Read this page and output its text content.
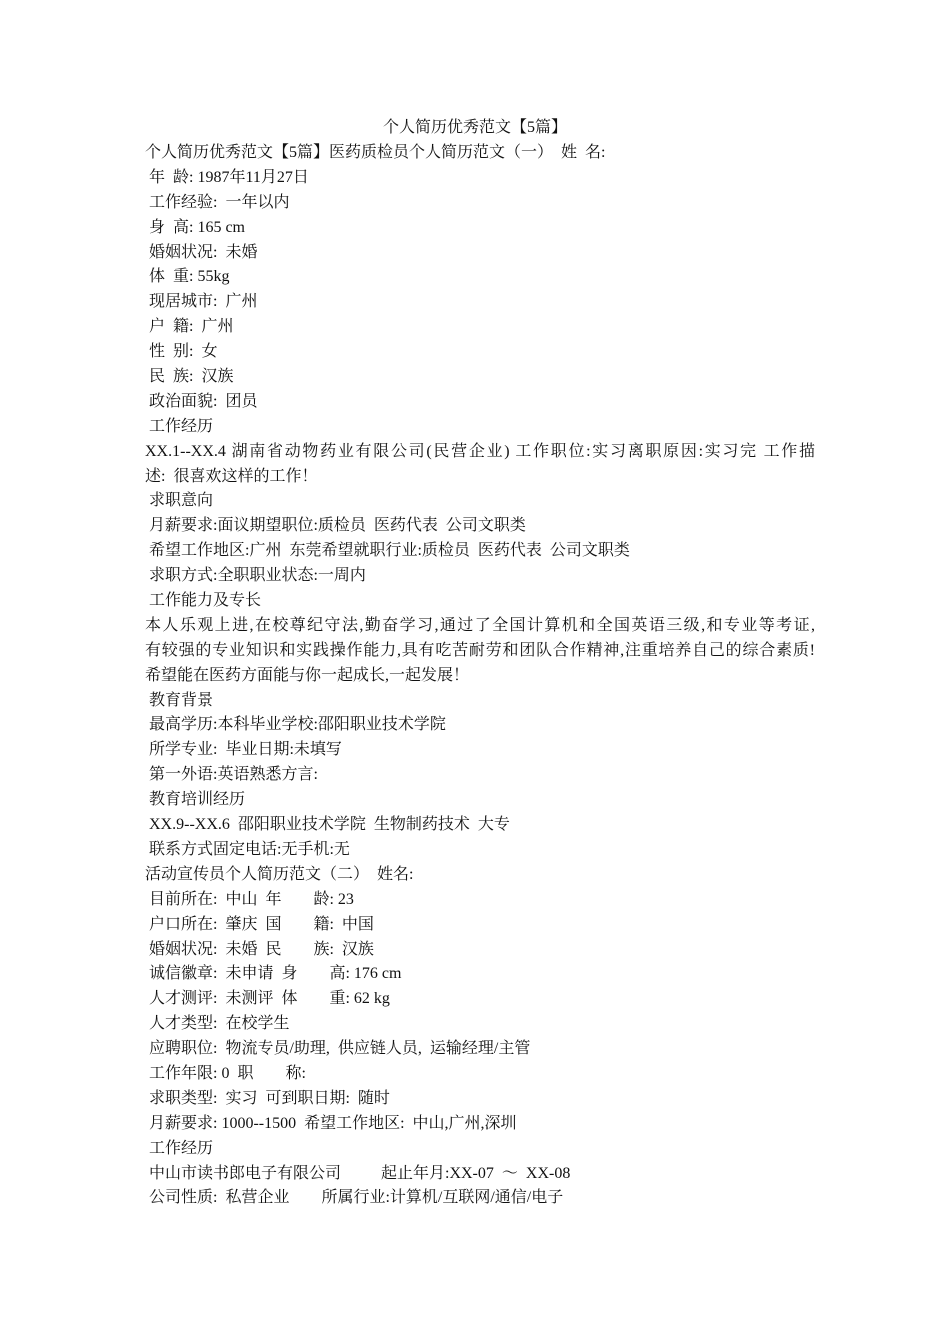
个人简历优秀范文【5篇】
个人简历优秀范文【5篇】医药质检员个人简历范文（一）  姓  名:
年  龄: 1987年11月27日
工作经验:  一年以内
身  高: 165 cm
婚姻状况:  未婚
体  重: 55kg
现居城市:  广州
户  籍:  广州
性  别:  女
民  族:  汉族
政治面貌:  团员
工作经历
XX.1--XX.4 湖南省动物药业有限公司(民营企业) 工作职位:实习离职原因:实习完 工作描
述:  很喜欢这样的工作！
求职意向
月薪要求:面议期望职位:质检员  医药代表  公司文职类
希望工作地区:广州  东莞希望就职行业:质检员  医药代表  公司文职类
求职方式:全职职业状态:一周内
工作能力及专长
本人乐观上进,在校尊纪守法,勤奋学习,通过了全国计算机和全国英语三级,和专业等考证,
有较强的专业知识和实践操作能力,具有吃苦耐劳和团队合作精神,注重培养自己的综合素质!
希望能在医药方面能与你一起成长,一起发展！
教育背景
最高学历:本科毕业学校:邵阳职业技术学院
所学专业:  毕业日期:未填写
第一外语:英语熟悉方言:
教育培训经历
XX.9--XX.6  邵阳职业技术学院  生物制药技术  大专
联系方式固定电话:无手机:无
活动宣传员个人简历范文（二）  姓名:
目前所在:  中山  年        龄: 23
户口所在:  肇庆  国        籍:  中国
婚姻状况:  未婚  民        族:  汉族
诚信徽章:  未申请  身        高: 176 cm
人才测评:  未测评  体        重: 62 kg
人才类型:  在校学生
应聘职位:  物流专员/助理,  供应链人员,  运输经理/主管
工作年限: 0  职        称:
求职类型:  实习  可到职日期:  随时
月薪要求: 1000--1500  希望工作地区:  中山,广州,深圳
工作经历
中山市读书郎电子有限公司          起止年月:XX-07  ～  XX-08
公司性质:  私营企业        所属行业:计算机/互联网/通信/电子
